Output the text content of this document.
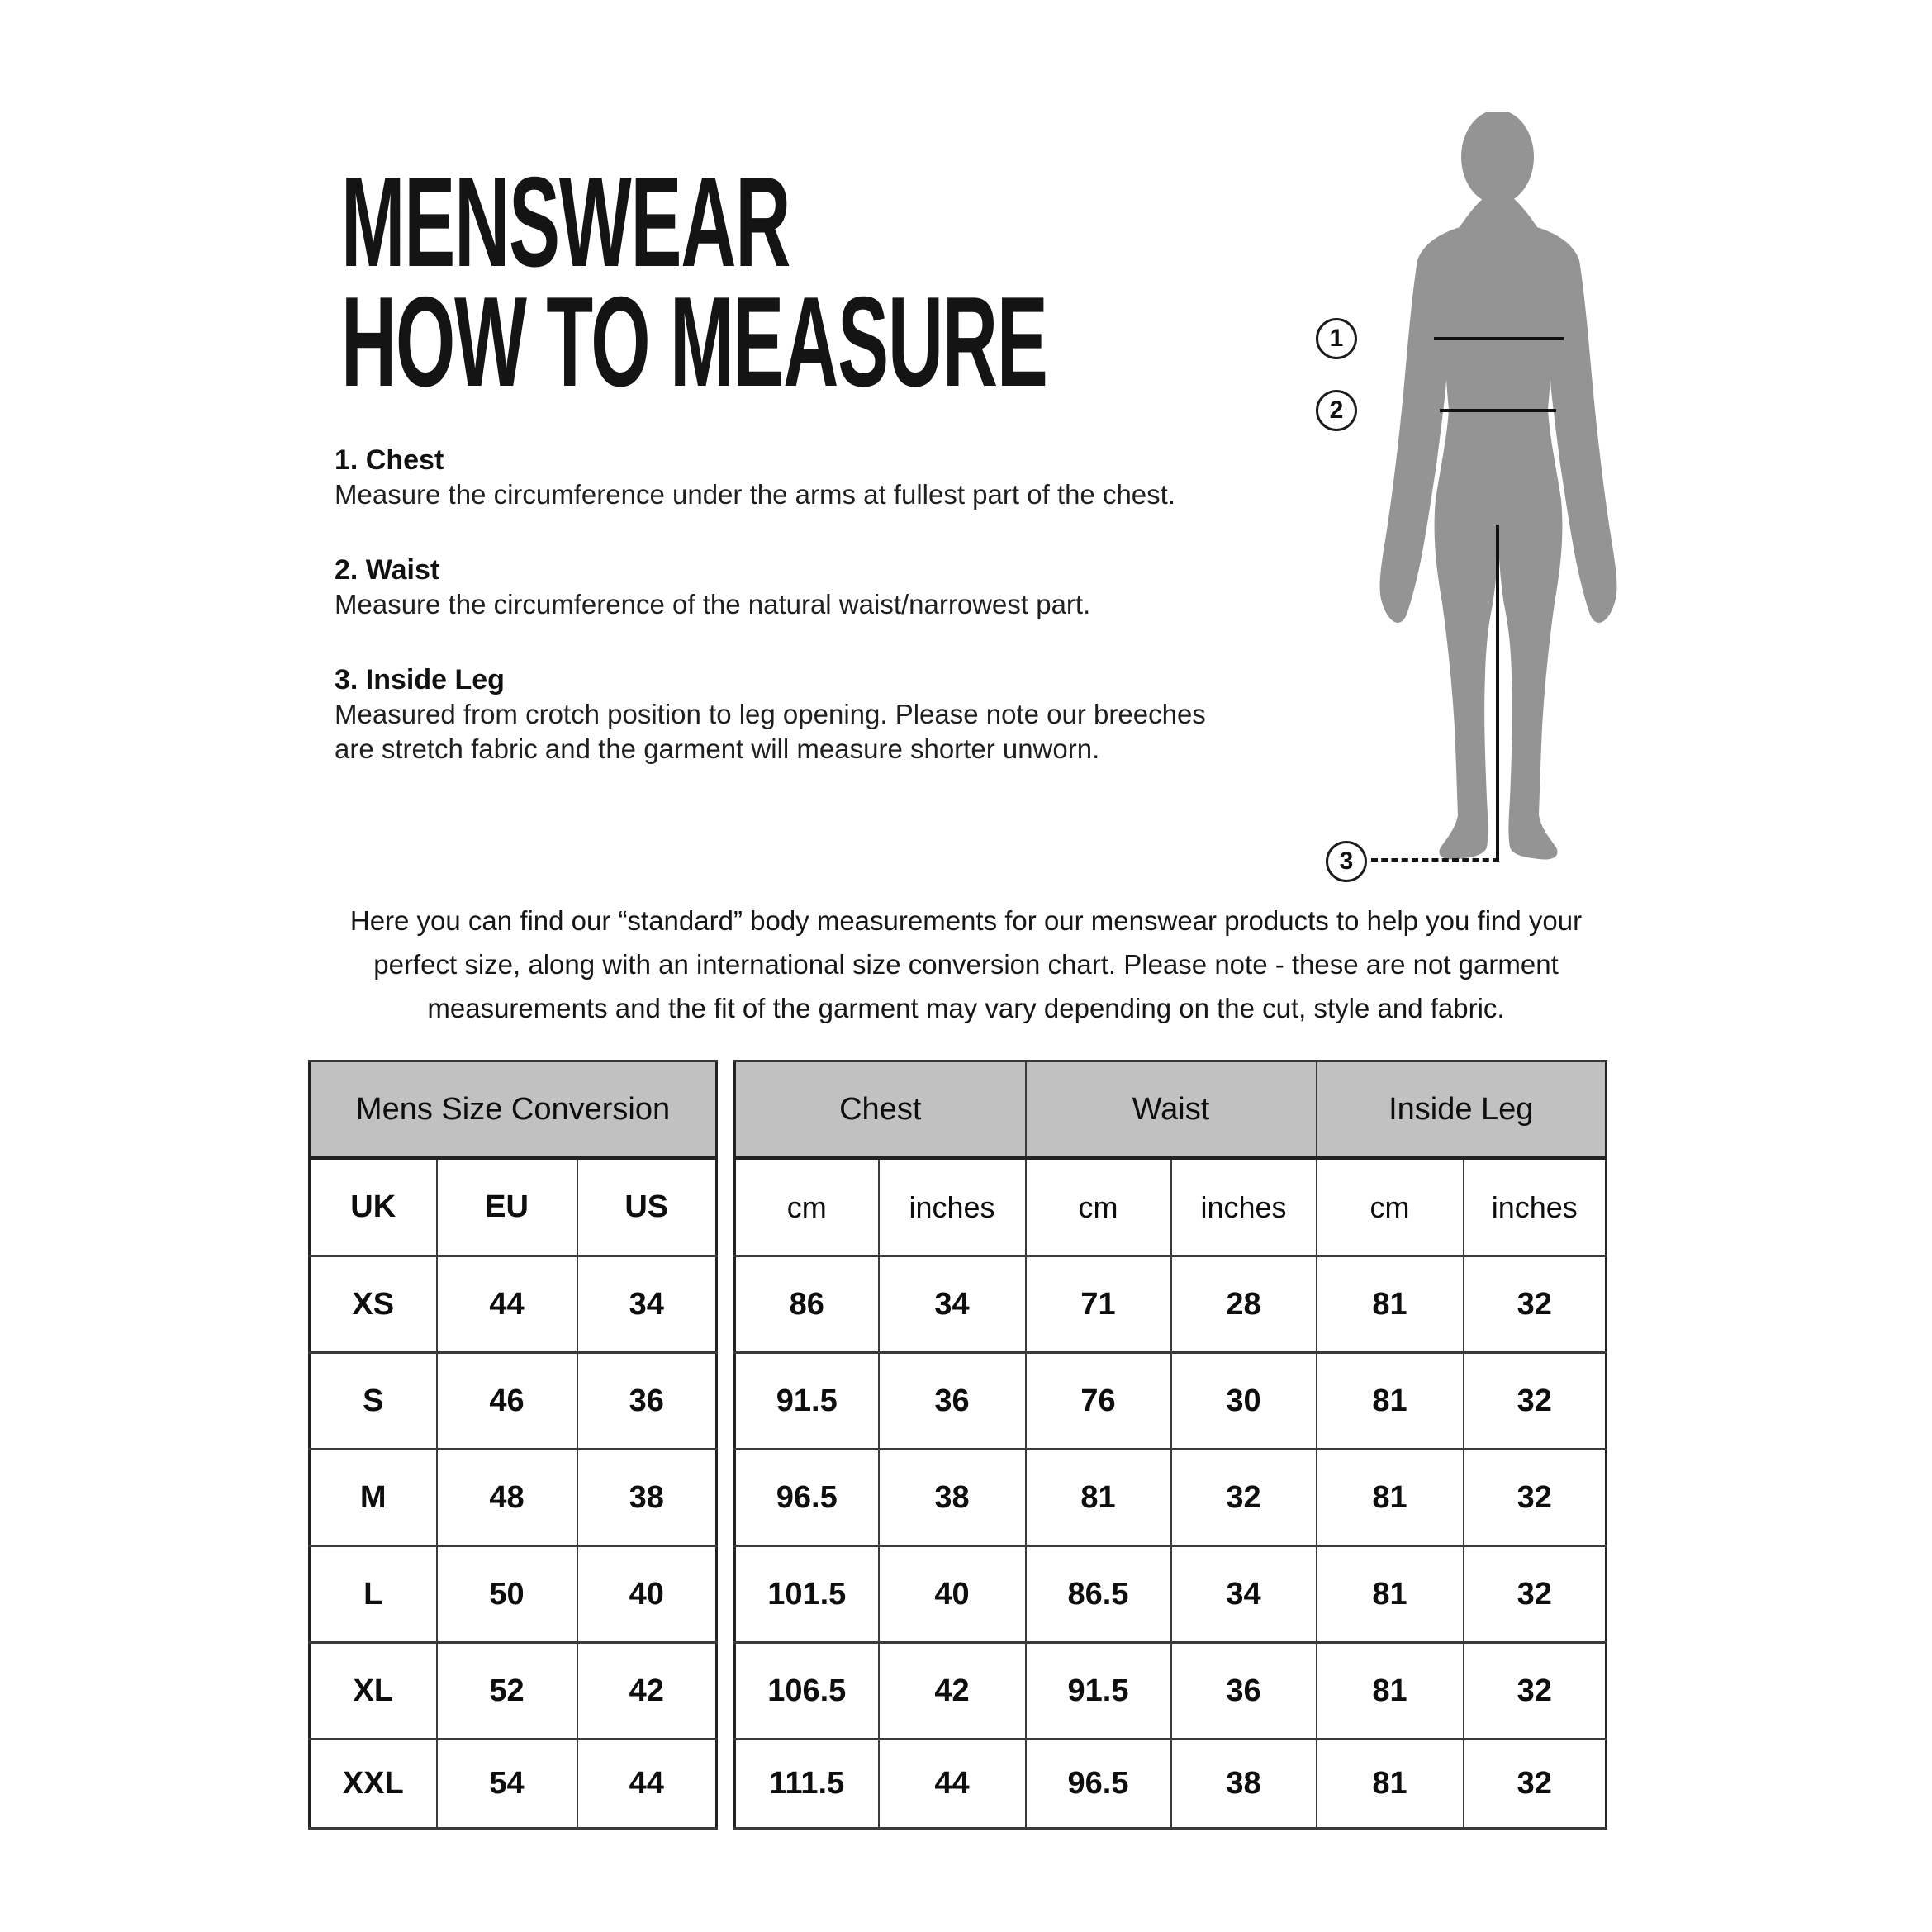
MENSWEAR
HOW TO MEASURE
1. Chest

Measure the circumference under the arms at fullest part of the chest.

2. Waist

Measure the circumference of the natural waist/narrowest part.

3. Inside Leg

Measured from crotch position to leg opening. Please note our breeches

are stretch fabric and the garment will measure shorter unworn.

1
2
3
Here you can find our “standard” body measurements for our menswear products to help you find your
perfect size, along with an international size conversion chart. Please note - these are not garment
measurements and the fit of the garment may vary depending on the cut, style and fabric.
Mens Size Conversion		
UK	EU	US
XS	44	34
S	46	36
M	48	38
L	50	40
XL	52	42
XXL	54	44
Chest		Waist		Inside Leg	
cm	inches	cm	inches	cm	inches
86	34	71	28	81	32
91.5	36	76	30	81	32
96.5	38	81	32	81	32
101.5	40	86.5	34	81	32
106.5	42	91.5	36	81	32
111.5	44	96.5	38	81	32
